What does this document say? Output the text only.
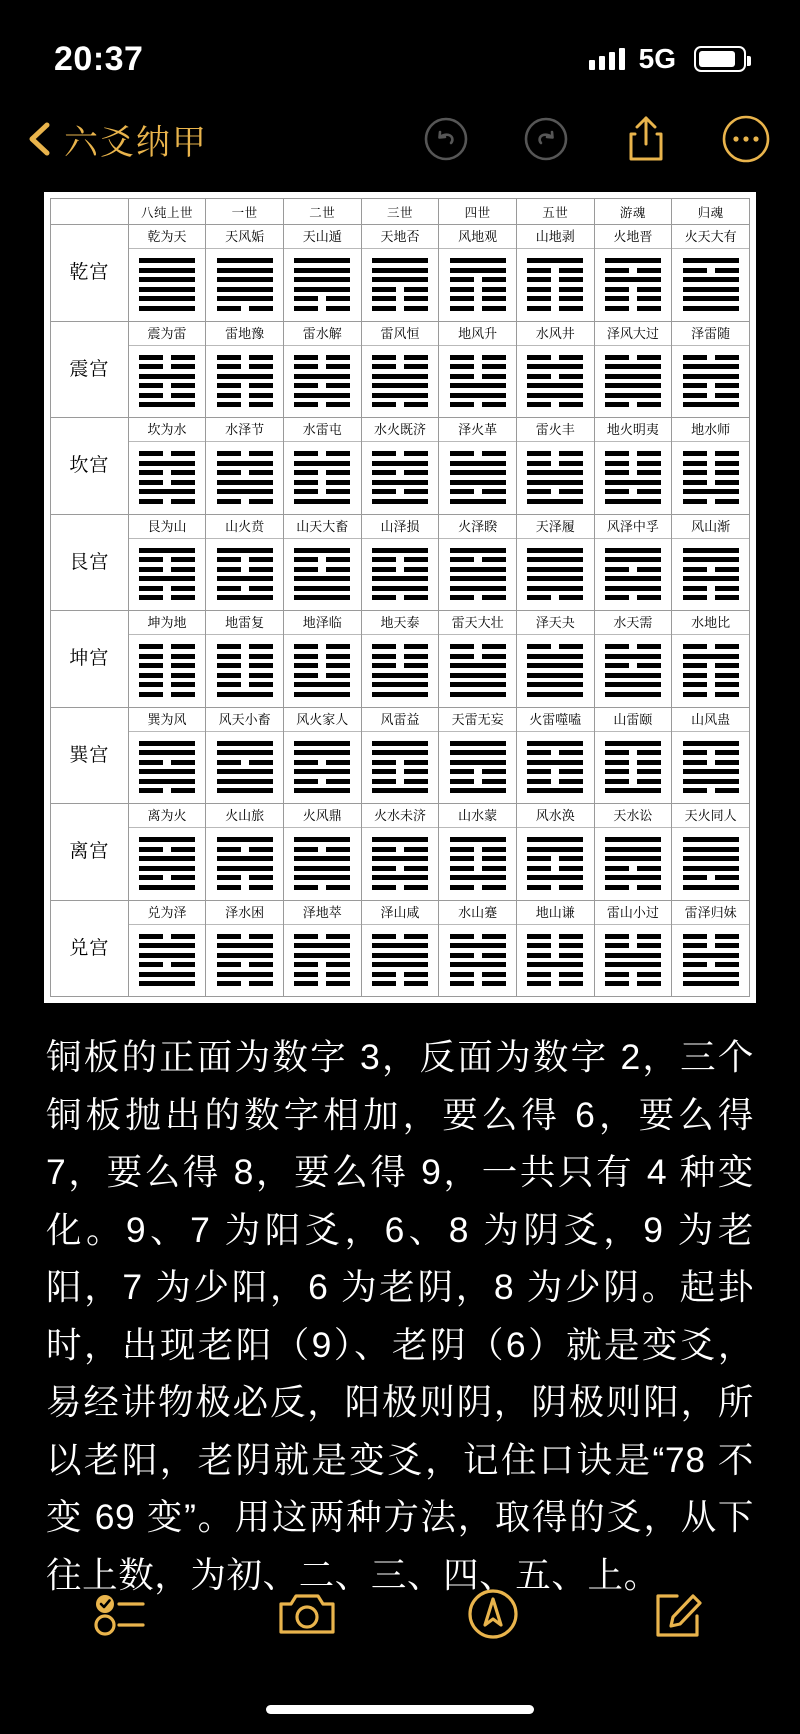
20:37	5G
六爻纳甲
	八纯上世	一世	二世	三世	四世	五世	游魂	归魂
乾宫	乾为天	天风姤	天山遁	天地否	风地观	山地剥	火地晋	火天大有

震宫	震为雷	雷地豫	雷水解	雷风恒	地风升	水风井	泽风大过	泽雷随

坎宫	坎为水	水泽节	水雷屯	水火既济	泽火革	雷火丰	地火明夷	地水师

艮宫	艮为山	山火贲	山天大畜	山泽损	火泽睽	天泽履	风泽中孚	风山渐

坤宫	坤为地	地雷复	地泽临	地天泰	雷天大壮	泽天夬	水天需	水地比

巽宫	巽为风	风天小畜	风火家人	风雷益	天雷无妄	火雷噬嗑	山雷颐	山风蛊

离宫	离为火	火山旅	火风鼎	火水未济	山水蒙	风水涣	天水讼	天火同人

兑宫	兑为泽	泽水困	泽地萃	泽山咸	水山蹇	地山谦	雷山小过	雷泽归妹
铜板的正面为数字 3，反面为数字 2，三个铜板抛出的数字相加，要么得 6，要么得 7，要么得 8，要么得 9，一共只有 4 种变化。9、7 为阳爻，6、8 为阴爻，9 为老阳，7 为少阳，6 为老阴，8 为少阴。起卦时，出现老阳（9）、老阴（6）就是变爻，易经讲物极必反，阳极则阴，阴极则阳，所以老阳，老阴就是变爻，记住口诀是“78 不变 69 变”。用这两种方法，取得的爻，从下往上数，为初、二、三、四、五、上。
